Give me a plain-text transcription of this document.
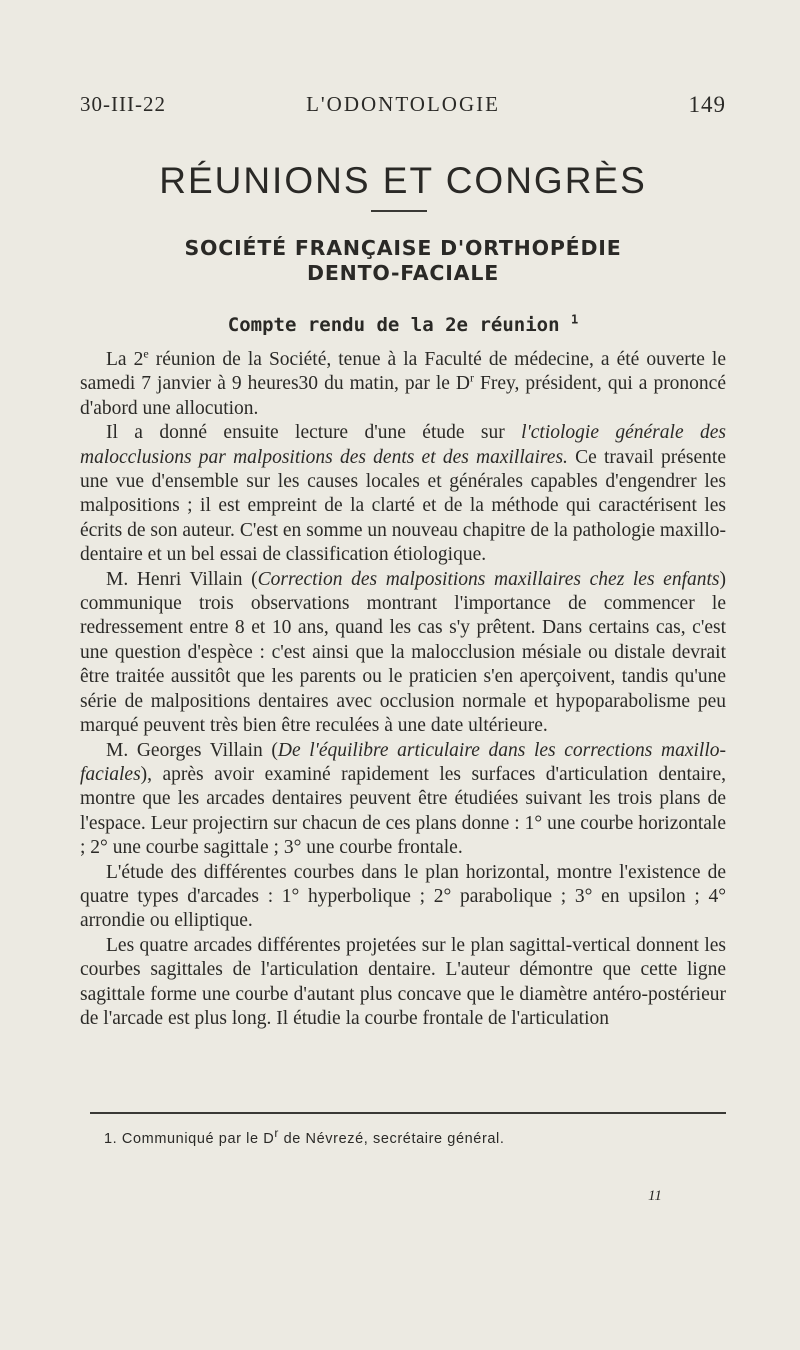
30-III-22	L'ODONTOLOGIE	149
RÉUNIONS ET CONGRÈS
SOCIÉTÉ FRANÇAISE D'ORTHOPÉDIE
DENTO-FACIALE
Compte rendu de la 2e réunion $^1$

La 2e réunion de la Société, tenue à la Faculté de médecine, a été ouverte le samedi 7 janvier à 9 heures30 du matin, par le $D^r$ Frey, président, qui a prononcé d'abord une allocution.

Il a donné ensuite lecture d'une étude sur l'ctiologie générale des malocclusions par malpositions des dents et des maxillaires. Ce travail présente une vue d'ensemble sur les causes locales et générales capables d'engendrer les malpositions ; il est empreint de la clarté et de la méthode qui caractérisent les écrits de son auteur. C'est en somme un nouveau chapitre de la pathologie maxillo-dentaire et un bel essai de classification étiologique.

M. Henri Villain (Correction des malpositions maxillaires chez les enfants) communique trois observations montrant l'importance de commencer le redressement entre 8 et 10 ans, quand les cas s'y prêtent. Dans certains cas, c'est une question d'espèce : c'est ainsi que la malocclusion mésiale ou distale devrait être traitée aussitôt que les parents ou le praticien s'en aperçoivent, tandis qu'une série de malpositions dentaires avec occlusion normale et hypoparabolisme peu marqué peuvent très bien être reculées à une date ultérieure.

M. Georges Villain (De l'équilibre articulaire dans les corrections maxillo-faciales), après avoir examiné rapidement les surfaces d'articulation dentaire, montre que les arcades dentaires peuvent être étudiées suivant les trois plans de l'espace. Leur projectirn sur chacun de ces plans donne : 1° une courbe horizontale ; 2° une courbe sagittale ; 3° une courbe frontale.

L'étude des différentes courbes dans le plan horizontal, montre l'existence de quatre types d'arcades : 1° hyperbolique ; 2° parabolique ; 3° en upsilon ; 4° arrondie ou elliptique.

Les quatre arcades différentes projetées sur le plan sagittal-vertical donnent les courbes sagittales de l'articulation dentaire. L'auteur démontre que cette ligne sagittale forme une courbe d'autant plus concave que le diamètre antéro-postérieur de l'arcade est plus long. Il étudie la courbe frontale de l'articulation

1. Communiqué par le $D^r$ de Névrezé, secrétaire général.
11
